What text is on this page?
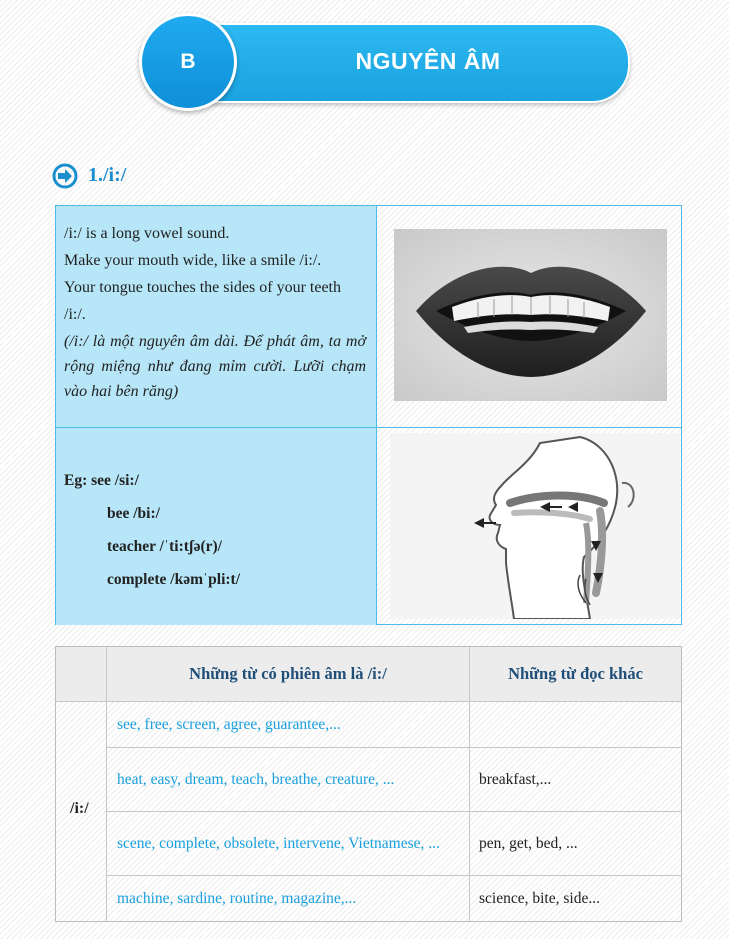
NGUYÊN ÂM
B
1./i:/

/i:/ is a long vowel sound.

Make your mouth wide, like a smile /i:/.

Your tongue touches the sides of your teeth /i:/.

(/i:/ là một nguyên âm dài. Để phát âm, ta mở rộng miệng như đang mỉm cười. Lưỡi chạm vào hai bên răng)

Eg: see /si:/
bee /bi:/
teacher /ˈti:tʃə(r)/
complete /kəmˈpli:t/
Những từ có phiên âm là /i:/	Những từ đọc khác
/i:/
see, free, screen, agree, guarantee,...
heat, easy, dream, teach, breathe, creature, ...	breakfast,...
scene, complete, obsolete, intervene, Vietnamese, ...	pen, get, bed, ...
machine, sardine, routine, magazine,...	science, bite, side...
